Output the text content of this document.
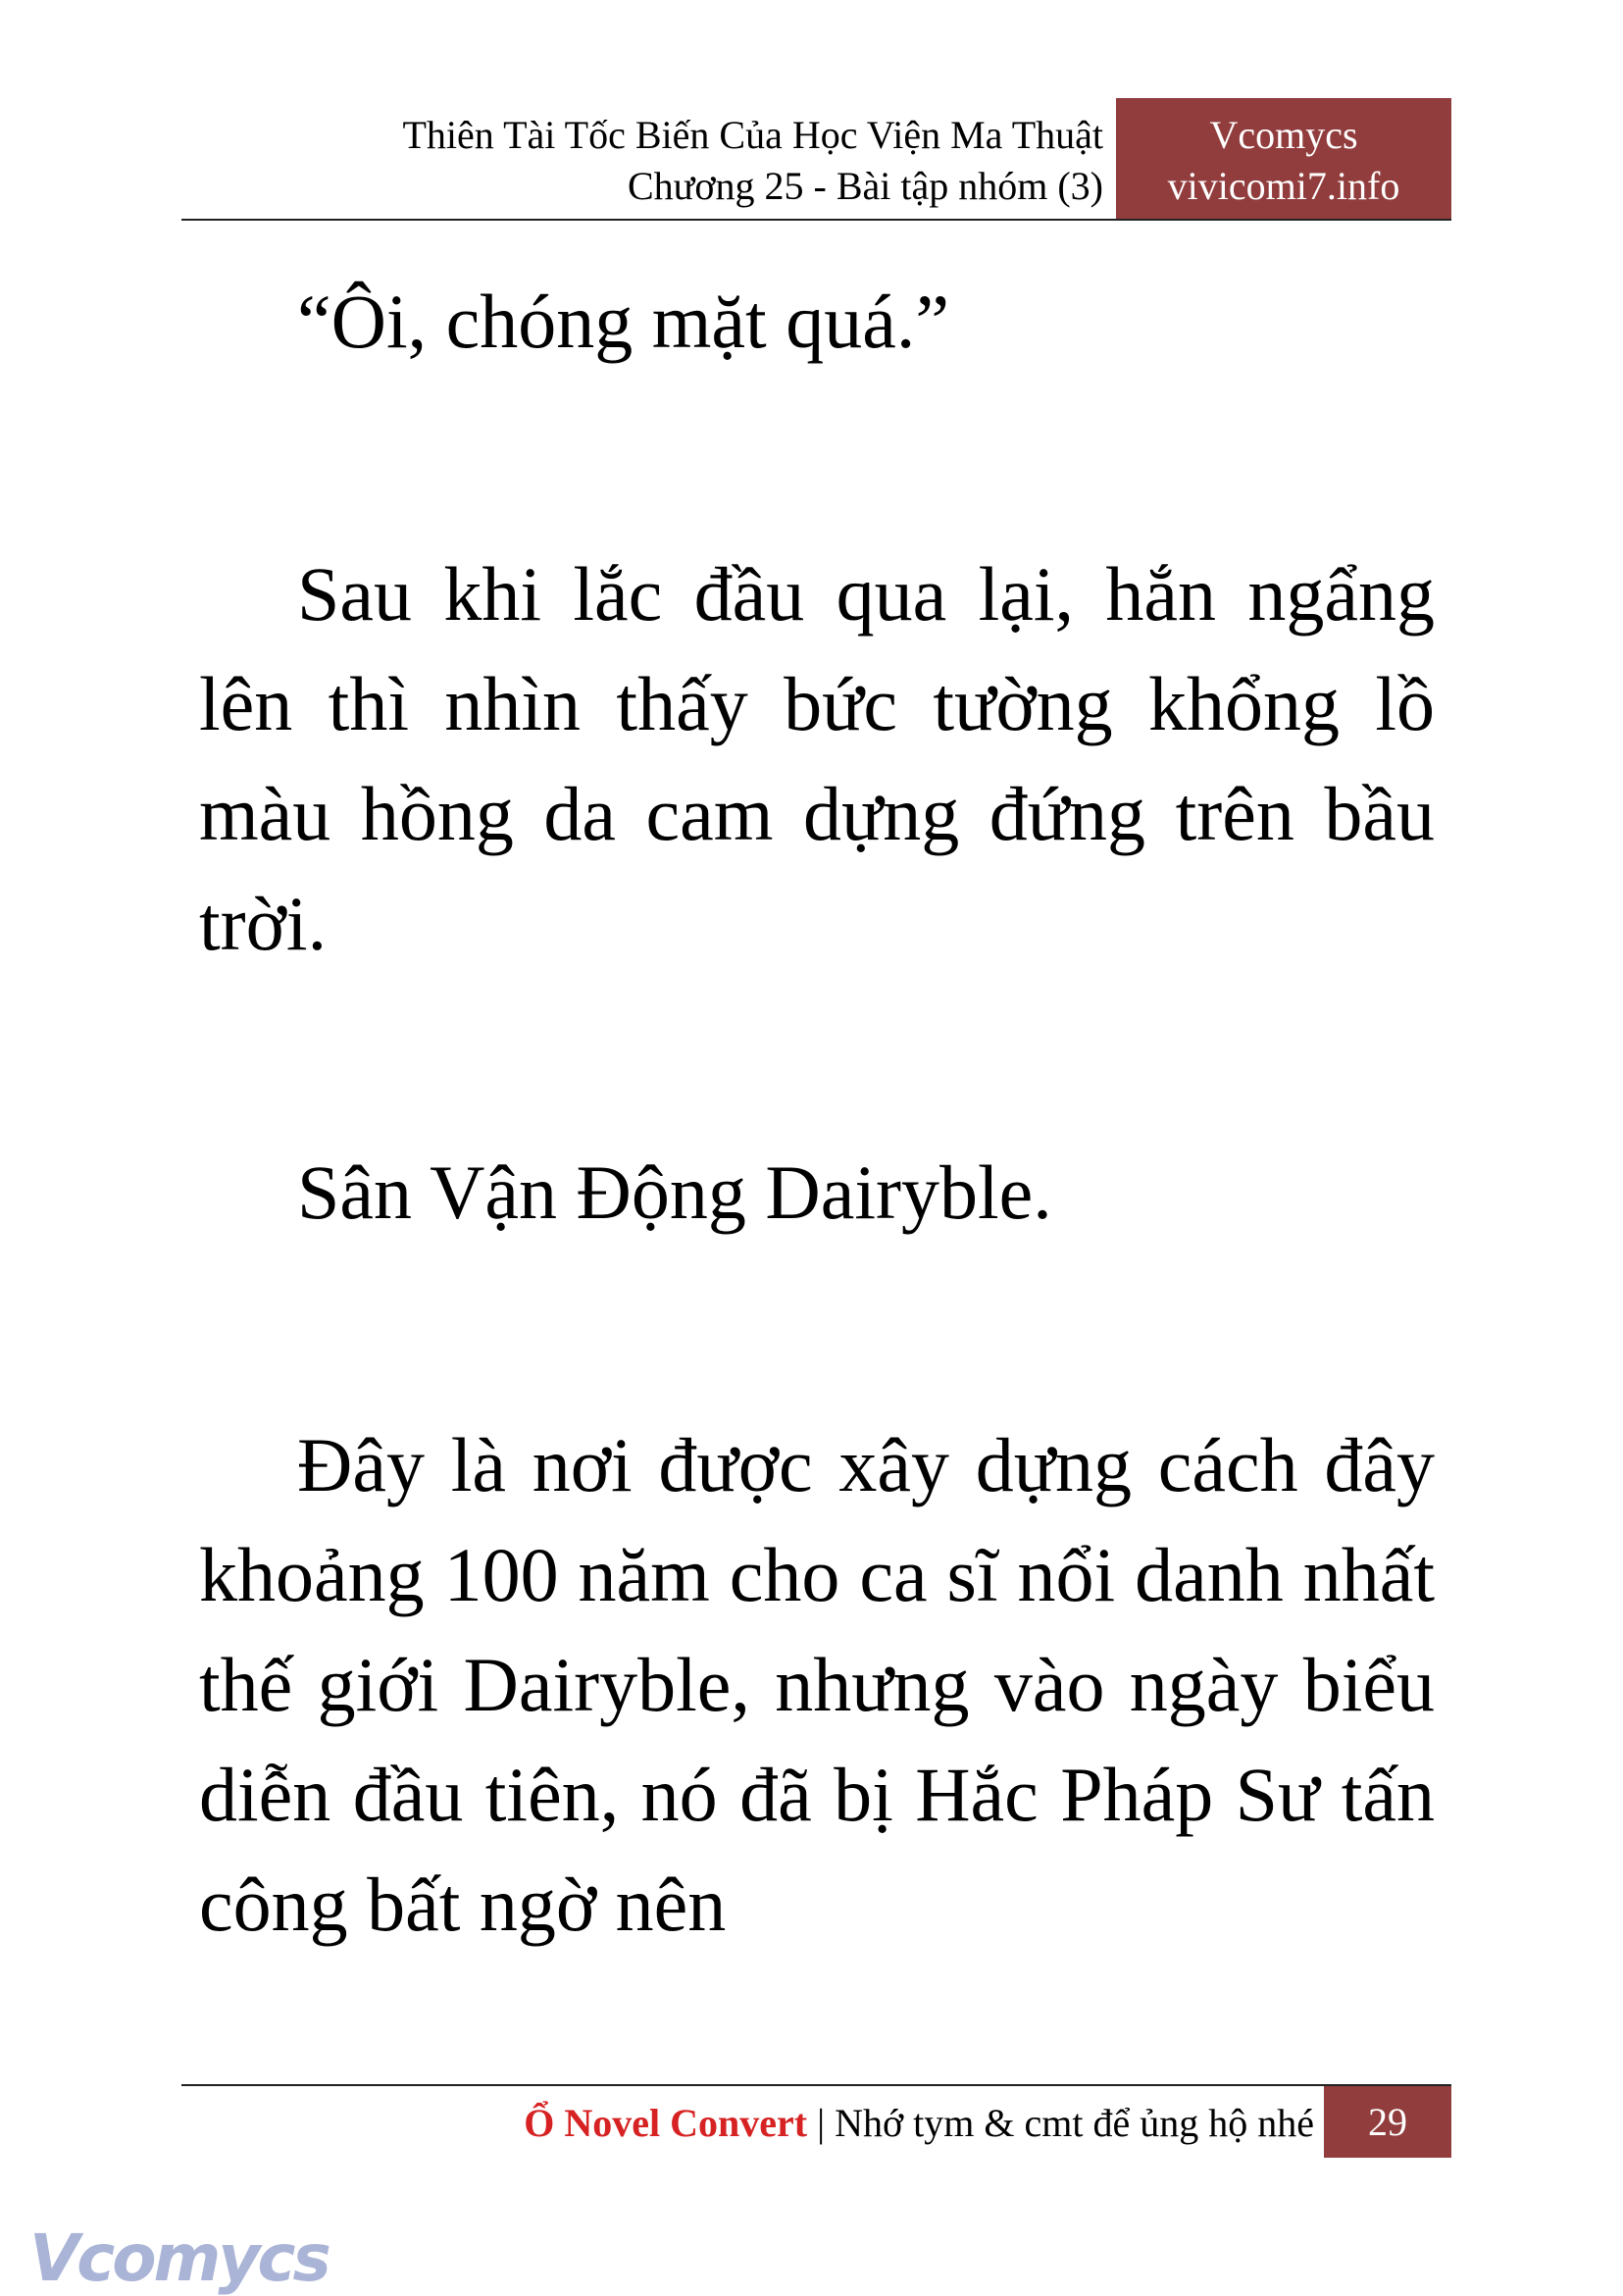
Thiên Tài Tốc Biến Của Học Viện Ma Thuật
Chương 25 - Bài tập nhóm (3)
Vcomycs
vivicomi7.info

“Ôi, chóng mặt quá.”

Sau khi lắc đầu qua lại, hắn ngẩng lên thì nhìn thấy bức tường khổng lồ màu hồng da cam dựng đứng trên bầu trời.

Sân Vận Động Dairyble.

Đây là nơi được xây dựng cách đây khoảng 100 năm cho ca sĩ nổi danh nhất thế giới Dairyble, nhưng vào ngày biểu diễn đầu tiên, nó đã bị Hắc Pháp Sư tấn công bất ngờ nên

Ổ Novel Convert | Nhớ tym & cmt để ủng hộ nhé	29
Vcomycs
